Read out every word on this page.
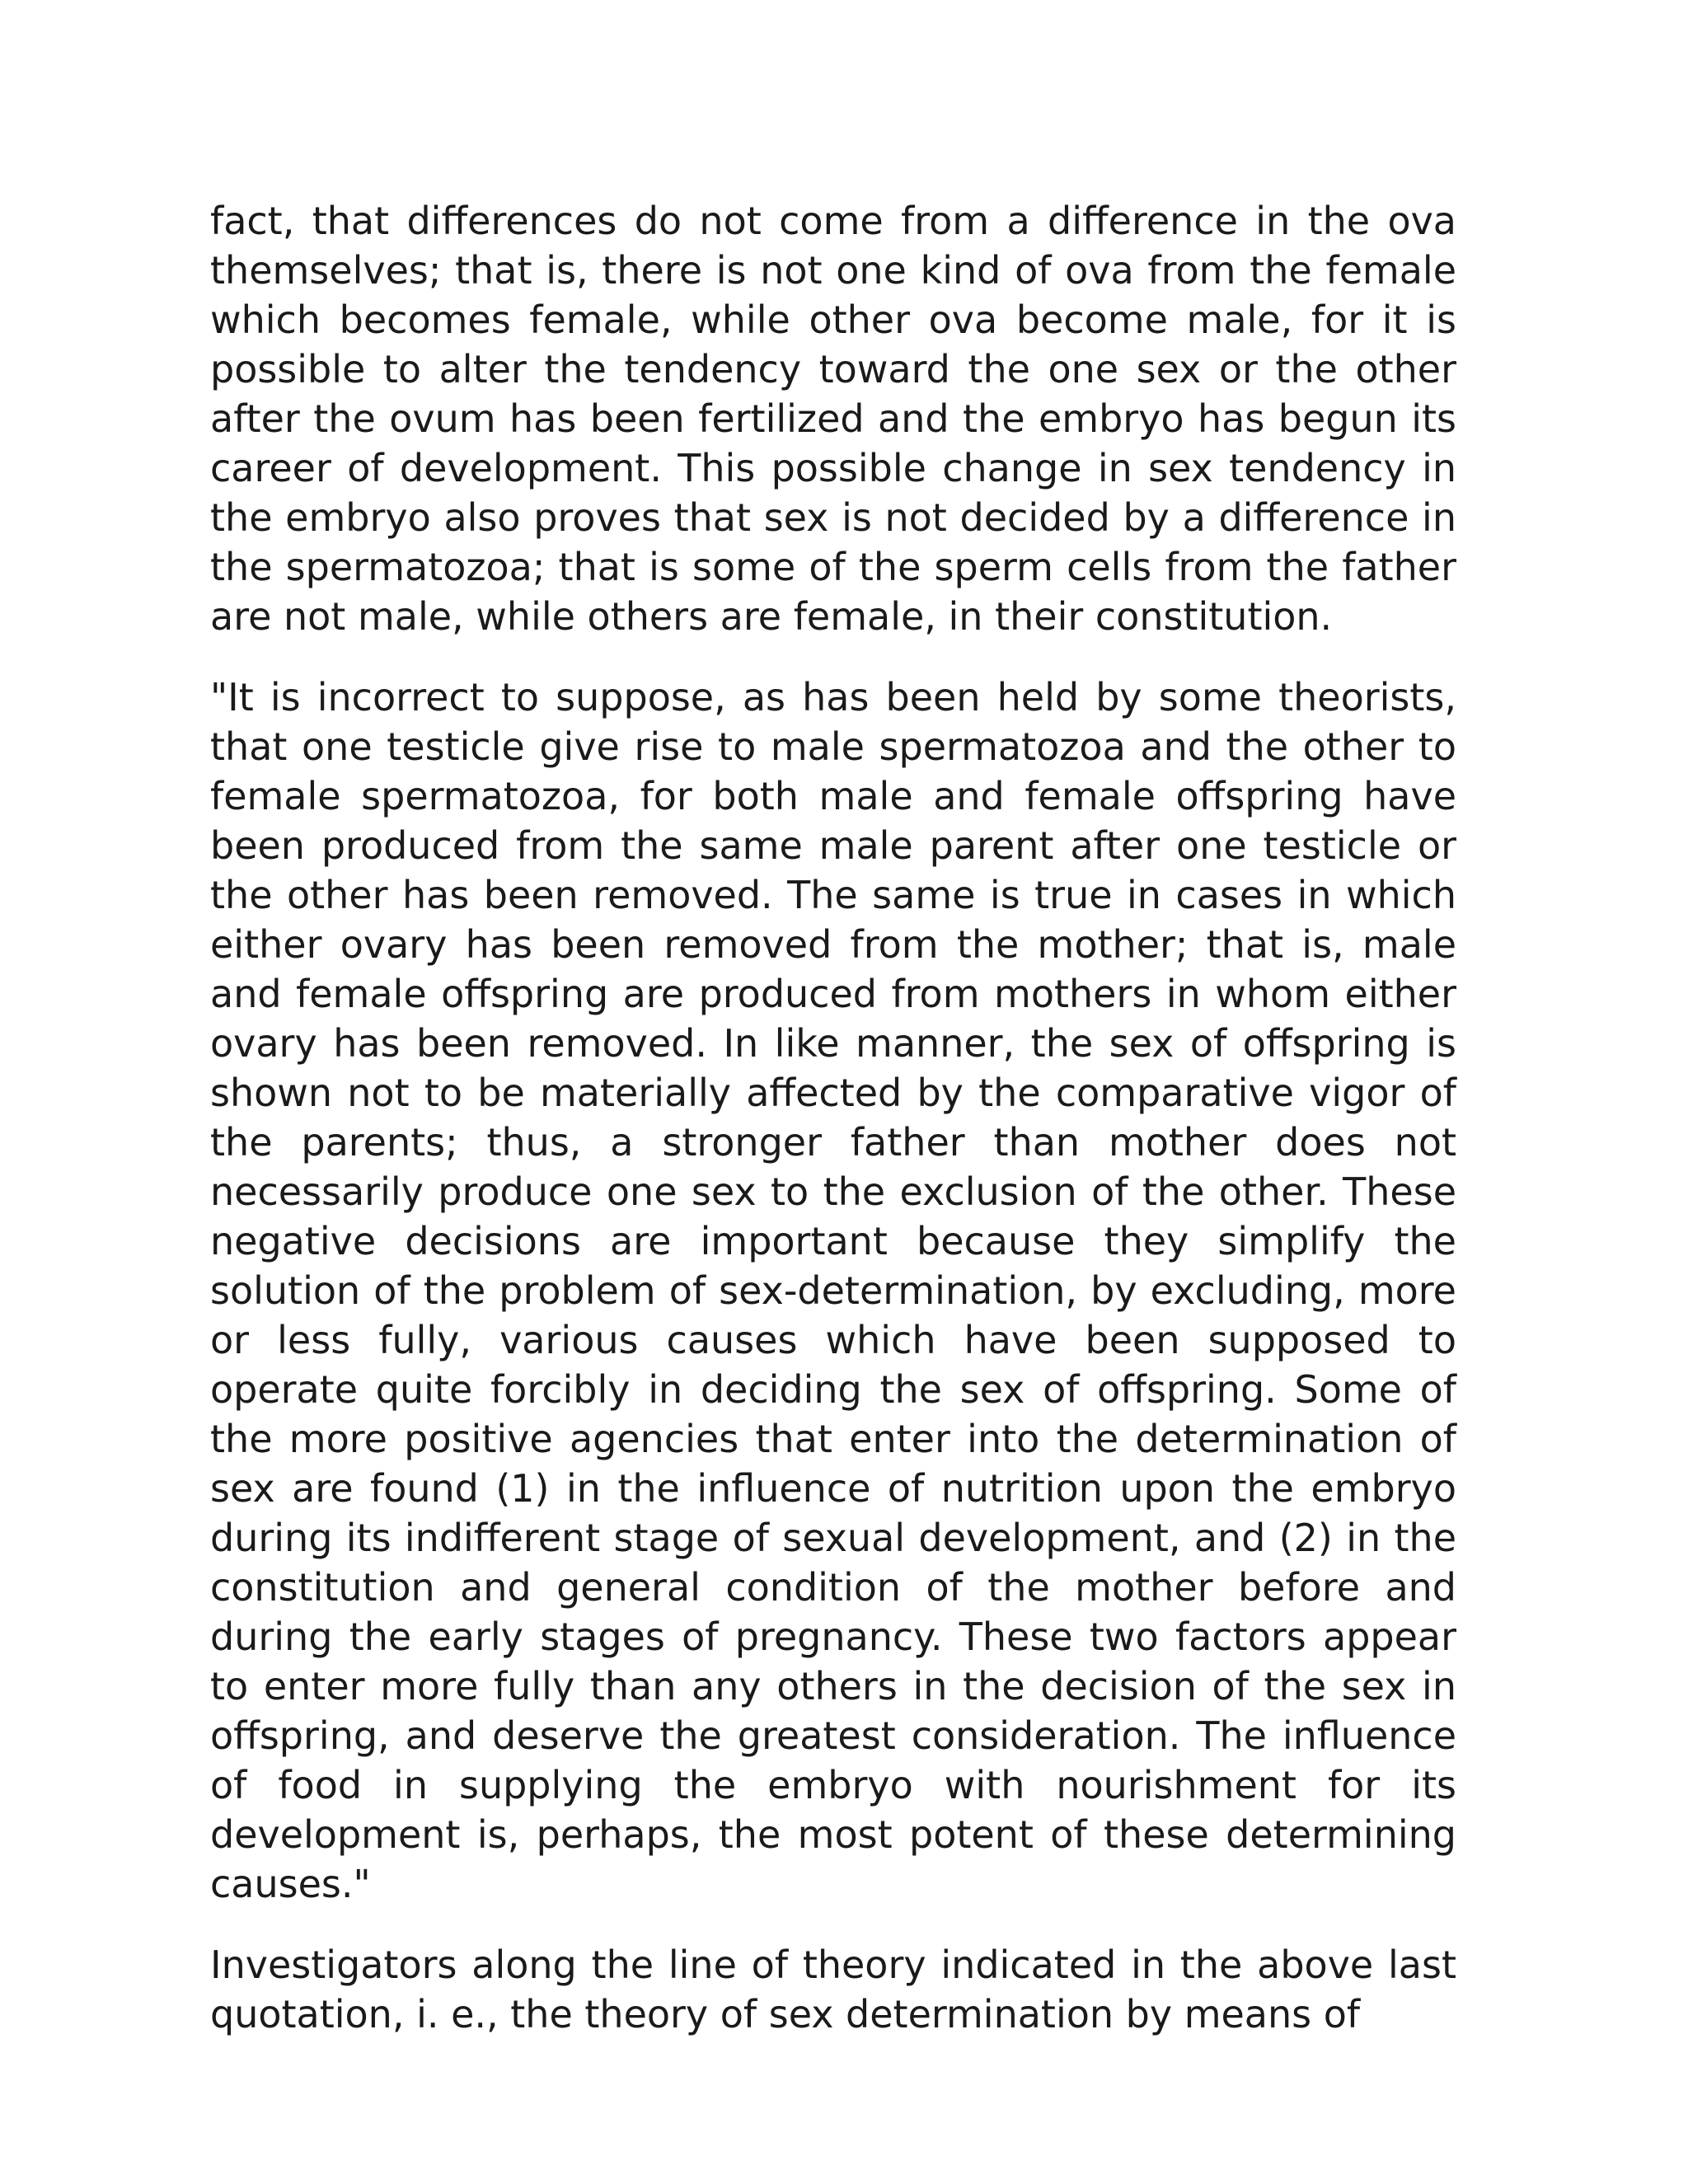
fact, that differences do not come from a difference in the ova themselves; that is, there is not one kind of ova from the female which becomes female, while other ova become male, for it is possible to alter the tendency toward the one sex or the other after the ovum has been fertilized and the embryo has begun its career of development. This possible change in sex tendency in the embryo also proves that sex is not decided by a difference in the spermatozoa; that is some of the sperm cells from the father are not male, while others are female, in their constitution.

"It is incorrect to suppose, as has been held by some theorists, that one testicle give rise to male spermatozoa and the other to female spermatozoa, for both male and female offspring have been produced from the same male parent after one testicle or the other has been removed. The same is true in cases in which either ovary has been removed from the mother; that is, male and female offspring are produced from mothers in whom either ovary has been removed. In like manner, the sex of offspring is shown not to be materially affected by the comparative vigor of the parents; thus, a stronger father than mother does not necessarily produce one sex to the exclusion of the other. These negative decisions are important because they simplify the solution of the problem of sex-determination, by excluding, more or less fully, various causes which have been supposed to operate quite forcibly in deciding the sex of offspring. Some of the more positive agencies that enter into the determination of sex are found (1) in the influence of nutrition upon the embryo during its indifferent stage of sexual development, and (2) in the constitution and general condition of the mother before and during the early stages of pregnancy. These two factors appear to enter more fully than any others in the decision of the sex in offspring, and deserve the greatest consideration. The influence of food in supplying the embryo with nourishment for its development is, perhaps, the most potent of these determining causes."

Investigators along the line of theory indicated in the above last quotation, i. e., the theory of sex determination by means of
